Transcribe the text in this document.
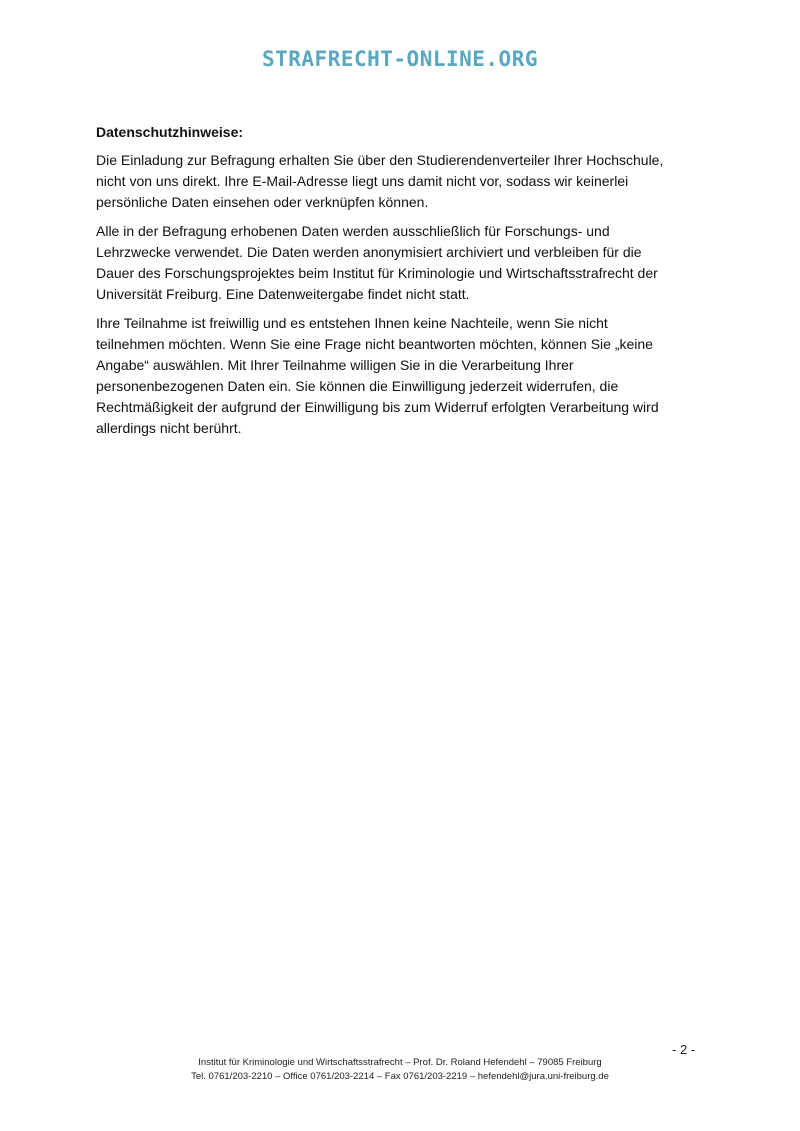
STRAFRECHT-ONLINE.ORG
Datenschutzhinweise:

Die Einladung zur Befragung erhalten Sie über den Studierendenverteiler Ihrer Hochschule,
nicht von uns direkt. Ihre E-Mail-Adresse liegt uns damit nicht vor, sodass wir keinerlei
persönliche Daten einsehen oder verknüpfen können.

Alle in der Befragung erhobenen Daten werden ausschließlich für Forschungs- und
Lehrzwecke verwendet. Die Daten werden anonymisiert archiviert und verbleiben für die
Dauer des Forschungsprojektes beim Institut für Kriminologie und Wirtschaftsstrafrecht der
Universität Freiburg. Eine Datenweitergabe findet nicht statt.

Ihre Teilnahme ist freiwillig und es entstehen Ihnen keine Nachteile, wenn Sie nicht
teilnehmen möchten. Wenn Sie eine Frage nicht beantworten möchten, können Sie „keine
Angabe“ auswählen. Mit Ihrer Teilnahme willigen Sie in die Verarbeitung Ihrer
personenbezogenen Daten ein. Sie können die Einwilligung jederzeit widerrufen, die
Rechtmäßigkeit der aufgrund der Einwilligung bis zum Widerruf erfolgten Verarbeitung wird
allerdings nicht berührt.

- 2 -
Institut für Kriminologie und Wirtschaftsstrafrecht – Prof. Dr. Roland Hefendehl – 79085 Freiburg
Tel. 0761/203-2210 – Office 0761/203-2214 – Fax 0761/203-2219 – hefendehl@jura.uni-freiburg.de
